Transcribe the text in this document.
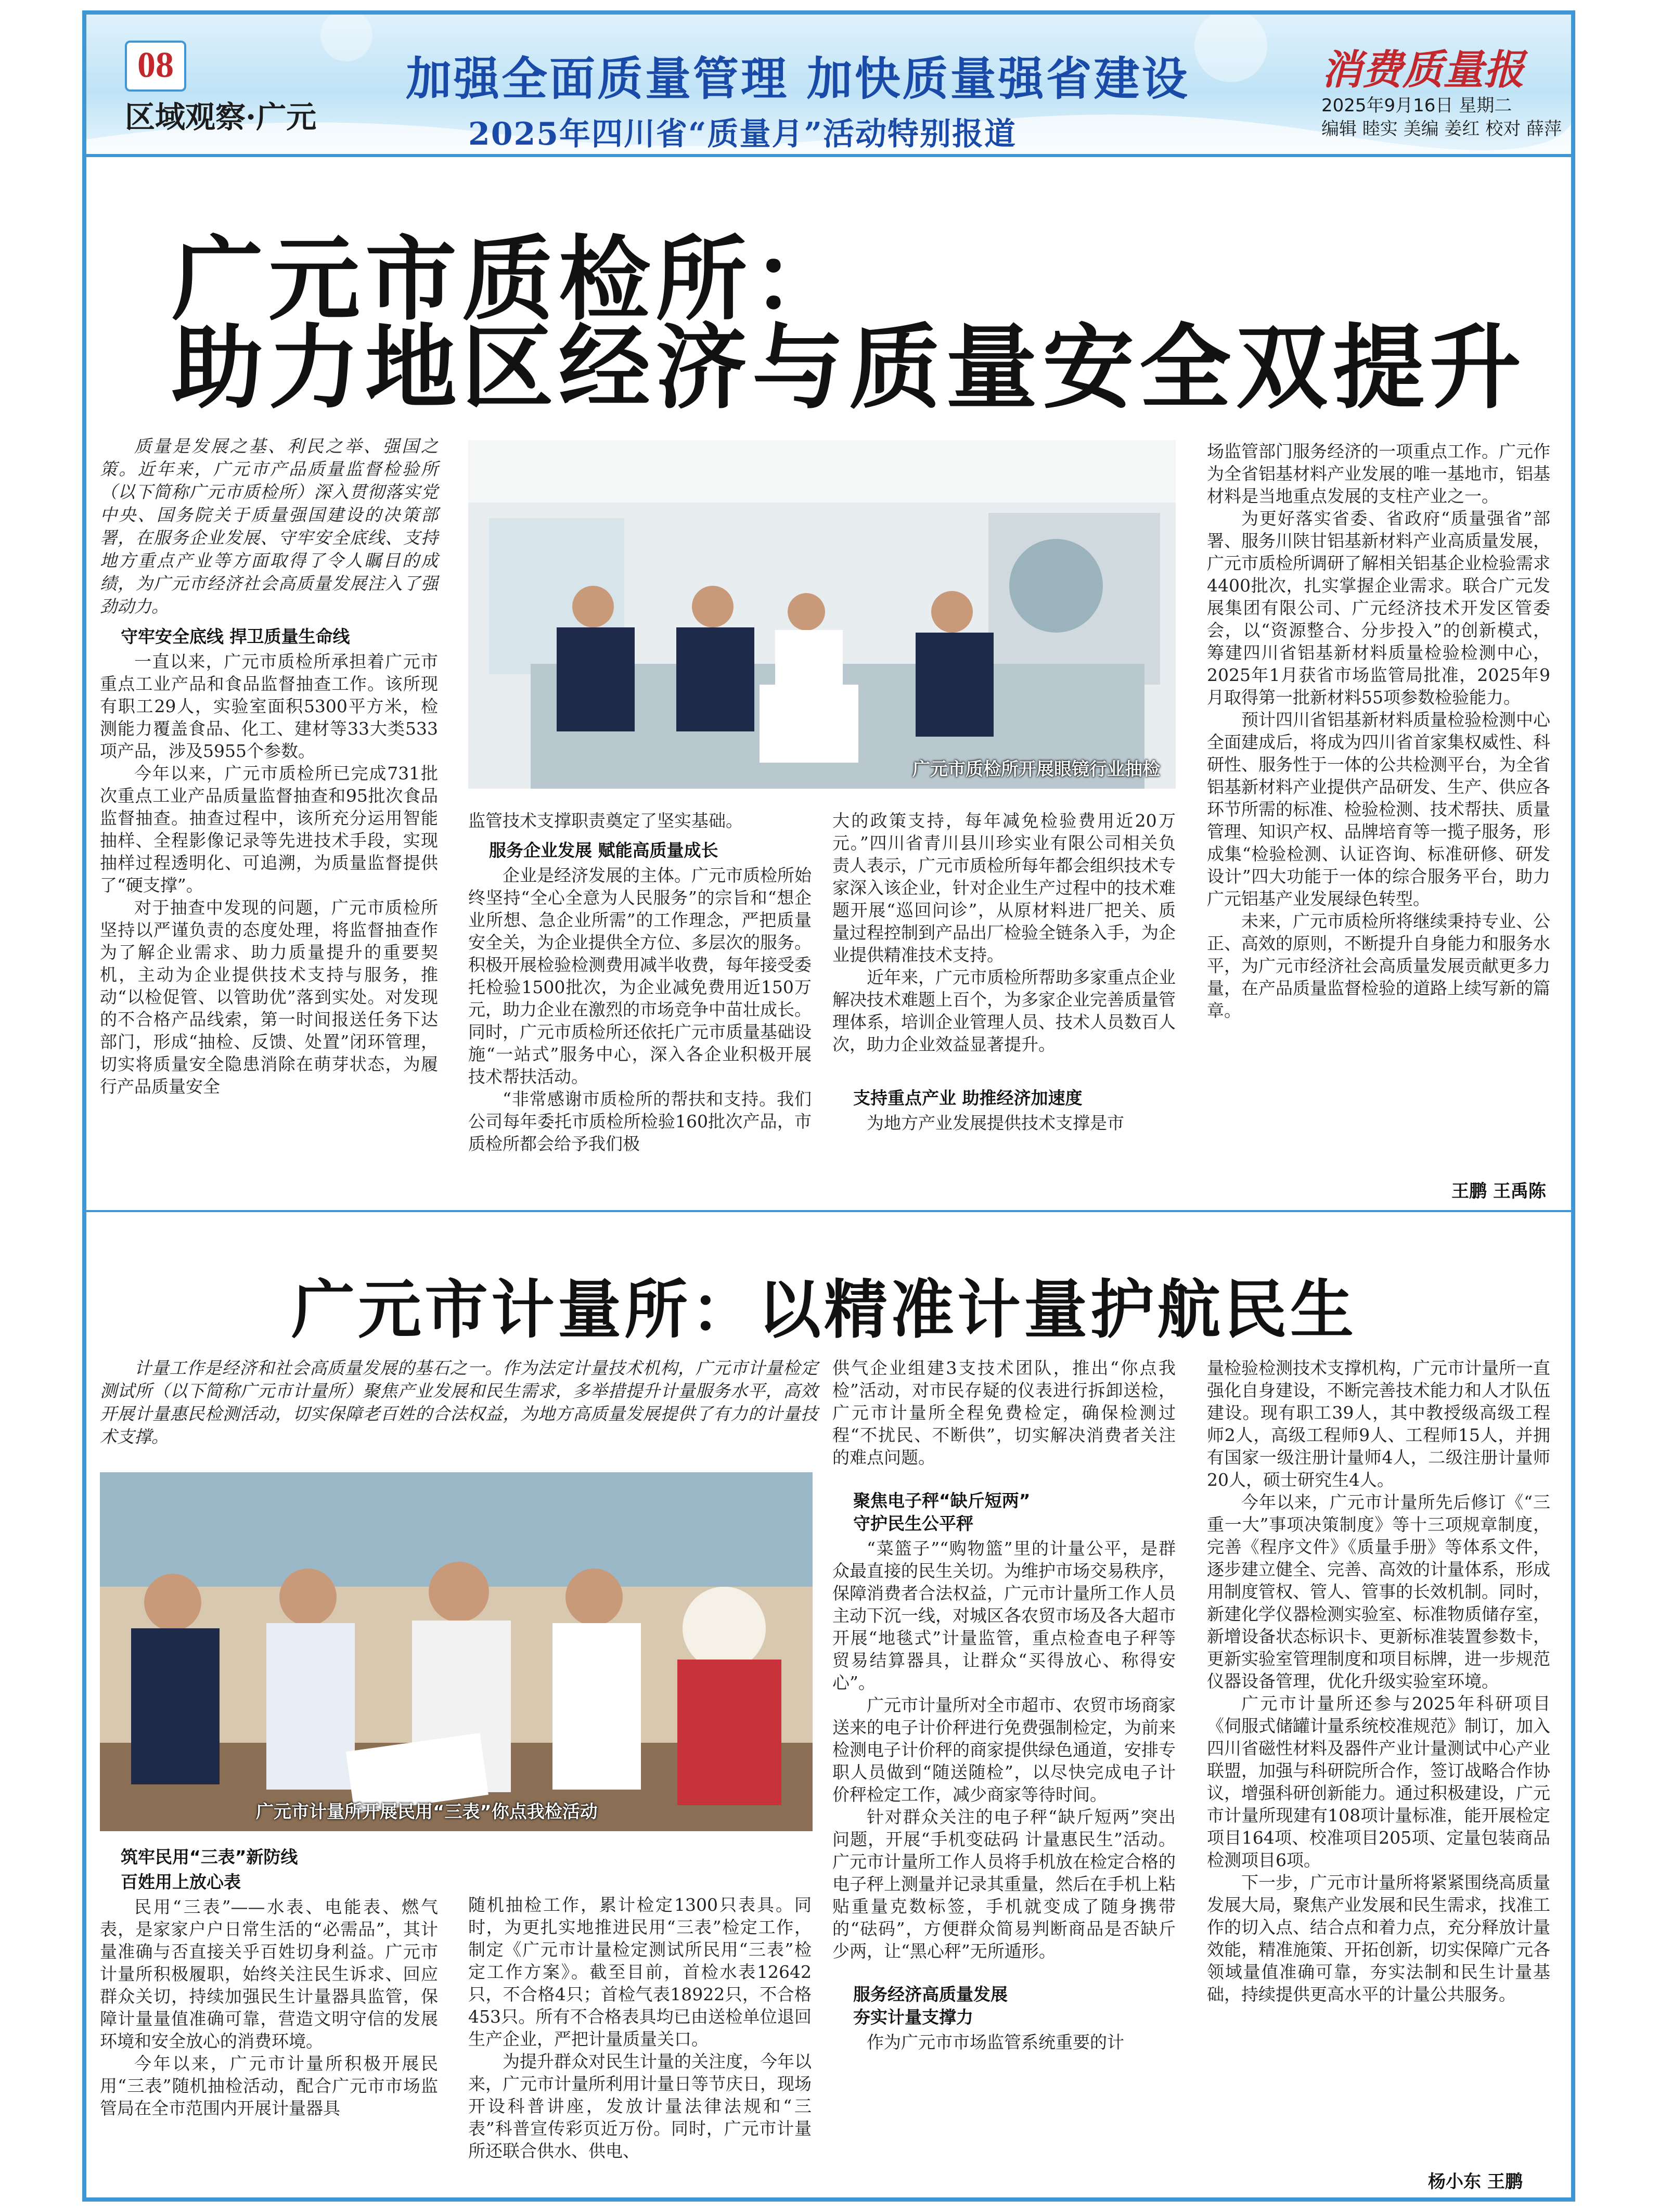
08
区域观察·广元
加强全面质量管理 加快质量强省建设
2025年四川省“质量月”活动特别报道
消费质量报
2025年9月16日 星期二
编辑 睦实 美编 姜红 校对 薛萍
广元市质检所：
助力地区经济与质量安全双提升

质量是发展之基、利民之举、强国之策。近年来，广元市产品质量监督检验所（以下简称广元市质检所）深入贯彻落实党中央、国务院关于质量强国建设的决策部署，在服务企业发展、守牢安全底线、支持地方重点产业等方面取得了令人瞩目的成绩，为广元市经济社会高质量发展注入了强劲动力。

守牢安全底线 捍卫质量生命线

一直以来，广元市质检所承担着广元市重点工业产品和食品监督抽查工作。该所现有职工29人，实验室面积5300平方米，检测能力覆盖食品、化工、建材等33大类533项产品，涉及5955个参数。

今年以来，广元市质检所已完成731批次重点工业产品质量监督抽查和95批次食品监督抽查。抽查过程中，该所充分运用智能抽样、全程影像记录等先进技术手段，实现抽样过程透明化、可追溯，为质量监督提供了“硬支撑”。

对于抽查中发现的问题，广元市质检所坚持以严谨负责的态度处理，将监督抽查作为了解企业需求、助力质量提升的重要契机，主动为企业提供技术支持与服务，推动“以检促管、以管助优”落到实处。对发现的不合格产品线索，第一时间报送任务下达部门，形成“抽检、反馈、处置”闭环管理，切实将质量安全隐患消除在萌芽状态，为履行产品质量安全

广元市质检所开展眼镜行业抽检

监管技术支撑职责奠定了坚实基础。

服务企业发展 赋能高质量成长

企业是经济发展的主体。广元市质检所始终坚持“全心全意为人民服务”的宗旨和“想企业所想、急企业所需”的工作理念，严把质量安全关，为企业提供全方位、多层次的服务。积极开展检验检测费用减半收费，每年接受委托检验1500批次，为企业减免费用近150万元，助力企业在激烈的市场竞争中苗壮成长。同时，广元市质检所还依托广元市质量基础设施“一站式”服务中心，深入各企业积极开展技术帮扶活动。

“非常感谢市质检所的帮扶和支持。我们公司每年委托市质检所检验160批次产品，市质检所都会给予我们极

大的政策支持，每年减免检验费用近20万元。”四川省青川县川珍实业有限公司相关负责人表示，广元市质检所每年都会组织技术专家深入该企业，针对企业生产过程中的技术难题开展“巡回问诊”，从原材料进厂把关、质量过程控制到产品出厂检验全链条入手，为企业提供精准技术支持。

近年来，广元市质检所帮助多家重点企业解决技术难题上百个，为多家企业完善质量管理体系，培训企业管理人员、技术人员数百人次，助力企业效益显著提升。

支持重点产业 助推经济加速度

为地方产业发展提供技术支撑是市

场监管部门服务经济的一项重点工作。广元作为全省铝基材料产业发展的唯一基地市，铝基材料是当地重点发展的支柱产业之一。

为更好落实省委、省政府“质量强省”部署、服务川陕甘铝基新材料产业高质量发展，广元市质检所调研了解相关铝基企业检验需求4400批次，扎实掌握企业需求。联合广元发展集团有限公司、广元经济技术开发区管委会，以“资源整合、分步投入”的创新模式，筹建四川省铝基新材料质量检验检测中心，2025年1月获省市场监管局批准，2025年9月取得第一批新材料55项参数检验能力。

预计四川省铝基新材料质量检验检测中心全面建成后，将成为四川省首家集权威性、科研性、服务性于一体的公共检测平台，为全省铝基新材料产业提供产品研发、生产、供应各环节所需的标准、检验检测、技术帮扶、质量管理、知识产权、品牌培育等一揽子服务，形成集“检验检测、认证咨询、标准研修、研发设计”四大功能于一体的综合服务平台，助力广元铝基产业发展绿色转型。

未来，广元市质检所将继续秉持专业、公正、高效的原则，不断提升自身能力和服务水平，为广元市经济社会高质量发展贡献更多力量，在产品质量监督检验的道路上续写新的篇章。

王鹏 王禹陈
广元市计量所：以精准计量护航民生

计量工作是经济和社会高质量发展的基石之一。作为法定计量技术机构，广元市计量检定测试所（以下简称广元市计量所）聚焦产业发展和民生需求，多举措提升计量服务水平，高效开展计量惠民检测活动，切实保障老百姓的合法权益，为地方高质量发展提供了有力的计量技术支撑。

广元市计量所开展民用“三表”你点我检活动
筑牢民用“三表”新防线
百姓用上放心表

民用“三表”——水表、电能表、燃气表，是家家户户日常生活的“必需品”，其计量准确与否直接关乎百姓切身利益。广元市计量所积极履职，始终关注民生诉求、回应群众关切，持续加强民生计量器具监管，保障计量量值准确可靠，营造文明守信的发展环境和安全放心的消费环境。

今年以来，广元市计量所积极开展民用“三表”随机抽检活动，配合广元市市场监管局在全市范围内开展计量器具

随机抽检工作，累计检定1300只表具。同时，为更扎实地推进民用“三表”检定工作，制定《广元市计量检定测试所民用“三表”检定工作方案》。截至目前，首检水表12642只，不合格4只；首检气表18922只，不合格453只。所有不合格表具均已由送检单位退回生产企业，严把计量质量关口。

为提升群众对民生计量的关注度，今年以来，广元市计量所利用计量日等节庆日，现场开设科普讲座，发放计量法律法规和“三表”科普宣传彩页近万份。同时，广元市计量所还联合供水、供电、

供气企业组建3支技术团队，推出“你点我检”活动，对市民存疑的仪表进行拆卸送检，广元市计量所全程免费检定，确保检测过程“不扰民、不断供”，切实解决消费者关注的难点问题。

聚焦电子秤“缺斤短两”
守护民生公平秤

“菜篮子”“购物篮”里的计量公平，是群众最直接的民生关切。为维护市场交易秩序，保障消费者合法权益，广元市计量所工作人员主动下沉一线，对城区各农贸市场及各大超市开展“地毯式”计量监管，重点检查电子秤等贸易结算器具，让群众“买得放心、称得安心”。

广元市计量所对全市超市、农贸市场商家送来的电子计价秤进行免费强制检定，为前来检测电子计价秤的商家提供绿色通道，安排专职人员做到“随送随检”，以尽快完成电子计价秤检定工作，减少商家等待时间。

针对群众关注的电子秤“缺斤短两”突出问题，开展“手机变砝码 计量惠民生”活动。广元市计量所工作人员将手机放在检定合格的电子秤上测量并记录其重量，然后在手机上粘贴重量克数标签，手机就变成了随身携带的“砝码”，方便群众简易判断商品是否缺斤少两，让“黑心秤”无所遁形。

服务经济高质量发展
夯实计量支撑力

作为广元市市场监管系统重要的计

量检验检测技术支撑机构，广元市计量所一直强化自身建设，不断完善技术能力和人才队伍建设。现有职工39人，其中教授级高级工程师2人，高级工程师9人、工程师15人，并拥有国家一级注册计量师4人，二级注册计量师20人，硕士研究生4人。

今年以来，广元市计量所先后修订《“三重一大”事项决策制度》等十三项规章制度，完善《程序文件》《质量手册》等体系文件，逐步建立健全、完善、高效的计量体系，形成用制度管权、管人、管事的长效机制。同时，新建化学仪器检测实验室、标准物质储存室，新增设备状态标识卡、更新标准装置参数卡，更新实验室管理制度和项目标牌，进一步规范仪器设备管理，优化升级实验室环境。

广元市计量所还参与2025年科研项目《伺服式储罐计量系统校准规范》制订，加入四川省磁性材料及器件产业计量测试中心产业联盟，加强与科研院所合作，签订战略合作协议，增强科研创新能力。通过积极建设，广元市计量所现建有108项计量标准，能开展检定项目164项、校准项目205项、定量包装商品检测项目6项。

下一步，广元市计量所将紧紧围绕高质量发展大局，聚焦产业发展和民生需求，找准工作的切入点、结合点和着力点，充分释放计量效能，精准施策、开拓创新，切实保障广元各领域量值准确可靠，夯实法制和民生计量基础，持续提供更高水平的计量公共服务。

杨小东 王鹏
